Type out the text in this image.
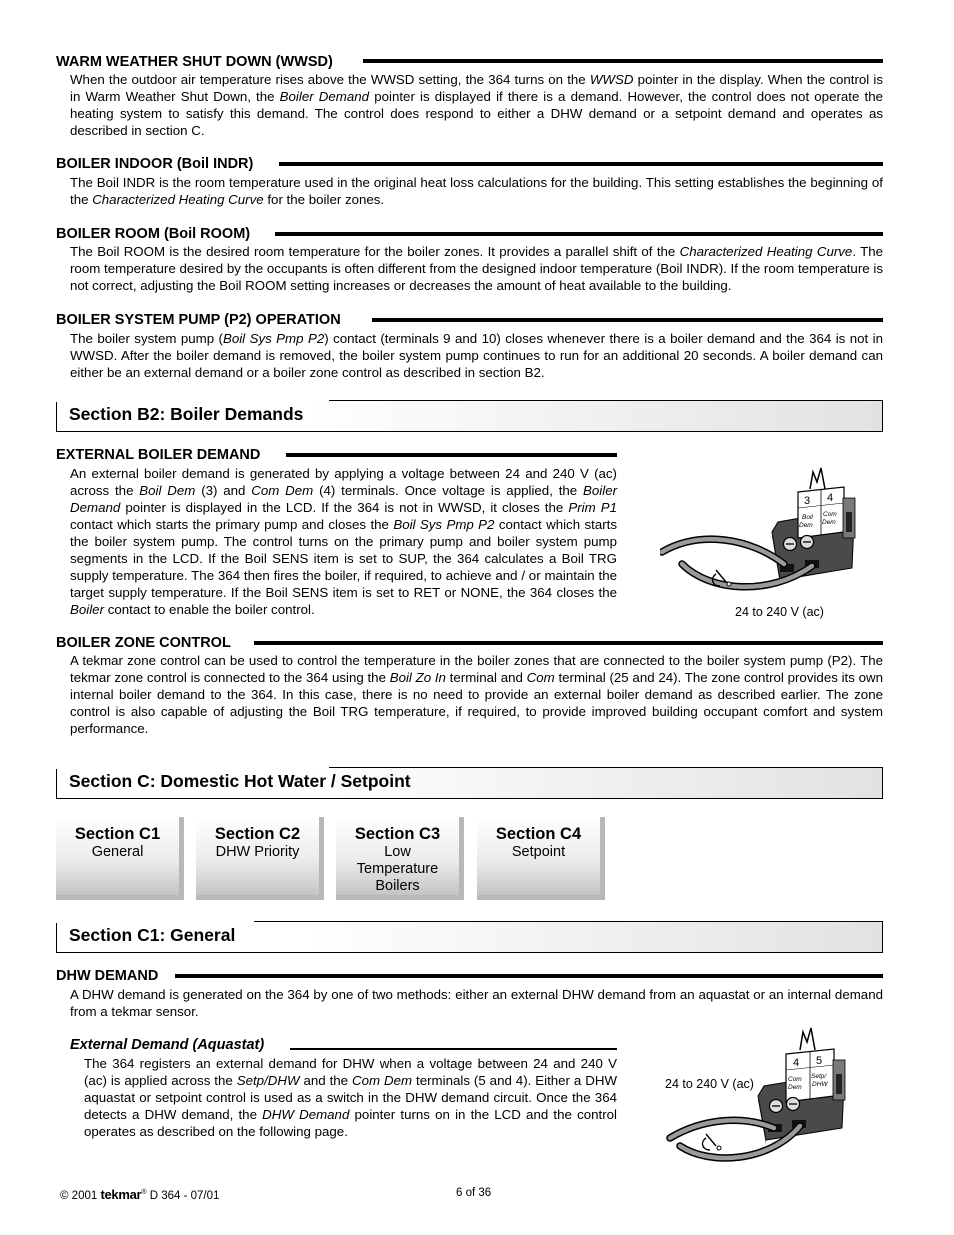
WARM WEATHER SHUT DOWN (WWSD)

When the outdoor air temperature rises above the WWSD setting, the 364 turns on the WWSD pointer in the display. When the control is in Warm Weather Shut Down, the Boiler Demand pointer is displayed if there is a demand. However, the control does not operate the heating system to satisfy this demand. The control does respond to either a DHW demand or a setpoint demand and operates as described in section C.

BOILER INDOOR (Boil INDR)

The Boil INDR is the room temperature used in the original heat loss calculations for the building. This setting establishes the beginning of the Characterized Heating Curve for the boiler zones.

BOILER ROOM (Boil ROOM)

The Boil ROOM is the desired room temperature for the boiler zones. It provides a parallel shift of the Characterized Heating Curve. The room temperature desired by the occupants is often different from the designed indoor temperature (Boil INDR). If the room temperature is not correct, adjusting the Boil ROOM setting increases or decreases the amount of heat available to the building.

BOILER SYSTEM PUMP (P2) OPERATION

The boiler system pump (Boil Sys Pmp P2) contact (terminals 9 and 10) closes whenever there is a boiler demand and the 364 is not in WWSD. After the boiler demand is removed, the boiler system pump continues to run for an additional 20 seconds. A boiler demand can either be an external demand or a boiler zone control as described in section B2.

Section B2: Boiler Demands
EXTERNAL BOILER DEMAND

An external boiler demand is generated by applying a voltage between 24 and 240 V (ac) across the Boil Dem (3) and Com Dem (4) terminals. Once voltage is applied, the Boiler Demand pointer is displayed in the LCD. If the 364 is not in WWSD, it closes the Prim P1 contact which starts the primary pump and closes the Boil Sys Pmp P2 contact which starts the boiler system pump. The control turns on the primary pump and boiler system pump segments in the LCD. If the Boil SENS item is set to SUP, the 364 calculates a Boil TRG supply temperature. The 364 then fires the boiler, if required, to achieve and / or maintain the target supply temperature. If the Boil SENS item is set to RET or NONE, the 364 closes the Boiler contact to enable the boiler control.

3 4
Boil
Dem
Com
Dem
24 to 240 V (ac)
BOILER ZONE CONTROL

A tekmar zone control can be used to control the temperature in the boiler zones that are connected to the boiler system pump (P2). The tekmar zone control is connected to the 364 using the Boil Zo In terminal and Com terminal (25 and 24). The zone control provides its own internal boiler demand to the 364. In this case, there is no need to provide an external boiler demand as described earlier. The zone control is also capable of adjusting the Boil TRG temperature, if required, to provide improved building occupant comfort and system performance.

Section C: Domestic Hot Water / Setpoint
Section C1
General
Section C2
DHW Priority
Section C3
Low Temperature Boilers
Section C4
Setpoint
Section C1: General
DHW DEMAND

A DHW demand is generated on the 364 by one of two methods: either an external DHW demand from an aquastat or an internal demand from a tekmar sensor.

External Demand (Aquastat)

The 364 registers an external demand for DHW when a voltage between 24 and 240 V (ac) is applied across the Setp/DHW and the Com Dem terminals (5 and 4). Either a DHW aquastat or setpoint control is used as a switch in the DHW demand circuit. Once the 364 detects a DHW demand, the DHW Demand pointer turns on in the LCD and the control operates as described on the following page.

4 5
Com
Dem
Setp/
DHW
24 to 240 V (ac)
© 2001 tekmar® D 364 - 07/01	6 of 36
